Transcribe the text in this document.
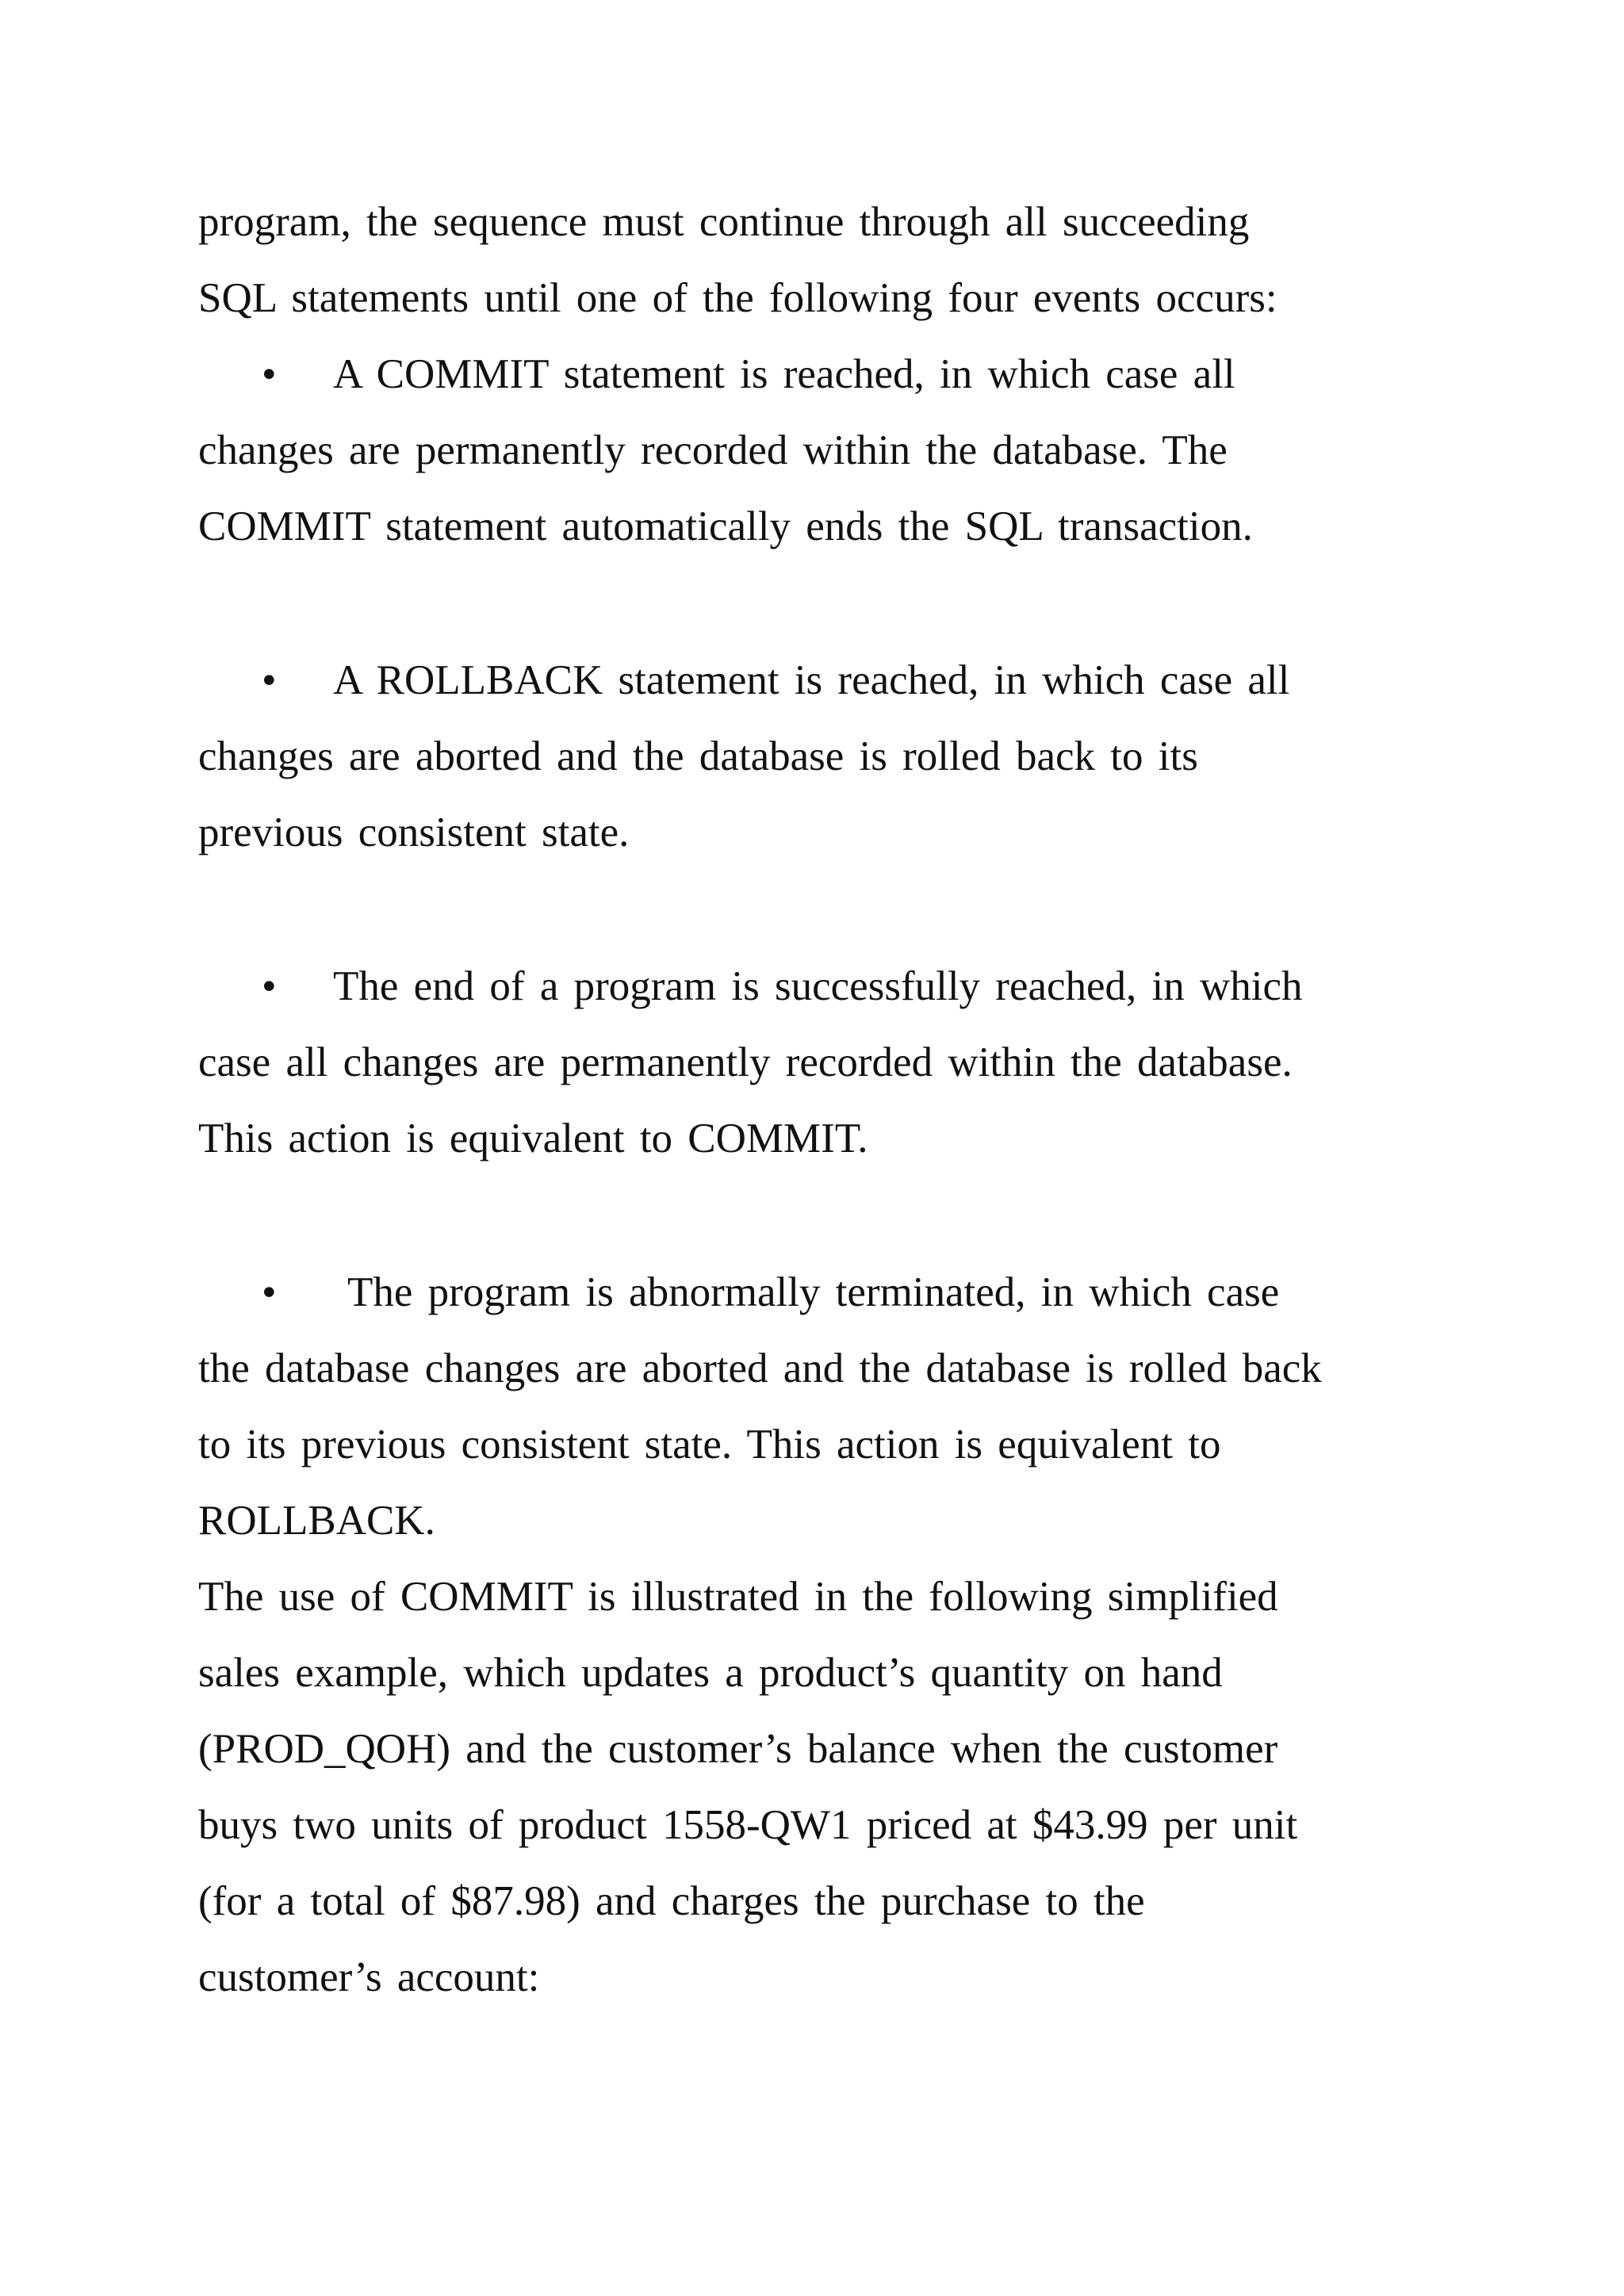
program, the sequence must continue through all succeeding
SQL statements until one of the following four events occurs:
• A COMMIT statement is reached, in which case all
changes are permanently recorded within the database. The
COMMIT statement automatically ends the SQL transaction.
• A ROLLBACK statement is reached, in which case all
changes are aborted and the database is rolled back to its
previous consistent state.
• The end of a program is successfully reached, in which
case all changes are permanently recorded within the database.
This action is equivalent to COMMIT.
• The program is abnormally terminated, in which case
the database changes are aborted and the database is rolled back
to its previous consistent state. This action is equivalent to
ROLLBACK.
The use of COMMIT is illustrated in the following simplified
sales example, which updates a product’s quantity on hand
(PROD_QOH) and the customer’s balance when the customer
buys two units of product 1558-QW1 priced at $43.99 per unit
(for a total of $87.98) and charges the purchase to the
customer’s account:
